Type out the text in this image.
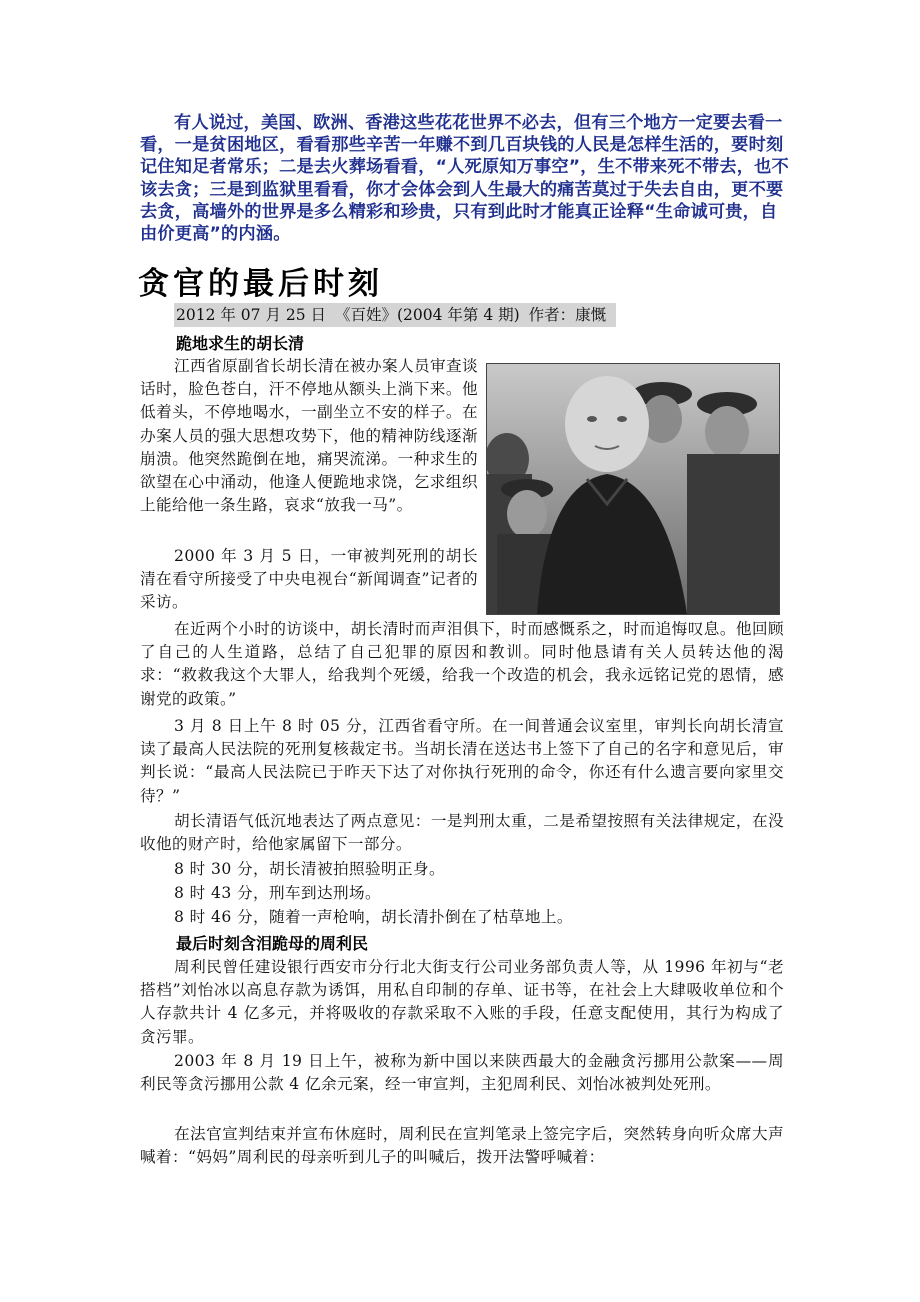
有人说过，美国、欧洲、香港这些花花世界不必去，但有三个地方一定要去看一看，一是贫困地区，看看那些辛苦一年赚不到几百块钱的人民是怎样生活的，要时刻记住知足者常乐；二是去火葬场看看，“人死原知万事空”，生不带来死不带去，也不该去贪；三是到监狱里看看，你才会体会到人生最大的痛苦莫过于失去自由，更不要去贪，高墙外的世界是多么精彩和珍贵，只有到此时才能真正诠释“生命诚可贵，自由价更高”的内涵。

贪官的最后时刻
2012 年 07 月 25 日 《百姓》(2004 年第 4 期) 作者：康慨
跪地求生的胡长清

江西省原副省长胡长清在被办案人员审查谈话时，脸色苍白，汗不停地从额头上淌下来。他低着头，不停地喝水，一副坐立不安的样子。在办案人员的强大思想攻势下，他的精神防线逐渐崩溃。他突然跪倒在地，痛哭流涕。一种求生的欲望在心中涌动，他逢人便跪地求饶，乞求组织上能给他一条生路，哀求“放我一马”。

2000 年 3 月 5 日，一审被判死刑的胡长清在看守所接受了中央电视台“新闻调查”记者的采访。

在近两个小时的访谈中，胡长清时而声泪俱下，时而感慨系之，时而追悔叹息。他回顾了自己的人生道路，总结了自己犯罪的原因和教训。同时他恳请有关人员转达他的渴求：“救救我这个大罪人，给我判个死缓，给我一个改造的机会，我永远铭记党的恩情，感谢党的政策。”

3 月 8 日上午 8 时 05 分，江西省看守所。在一间普通会议室里，审判长向胡长清宣读了最高人民法院的死刑复核裁定书。当胡长清在送达书上签下了自己的名字和意见后，审判长说：“最高人民法院已于昨天下达了对你执行死刑的命令，你还有什么遗言要向家里交待？”

胡长清语气低沉地表达了两点意见：一是判刑太重，二是希望按照有关法律规定，在没收他的财产时，给他家属留下一部分。

8 时 30 分，胡长清被拍照验明正身。

8 时 43 分，刑车到达刑场。

8 时 46 分，随着一声枪响，胡长清扑倒在了枯草地上。

最后时刻含泪跪母的周利民

周利民曾任建设银行西安市分行北大街支行公司业务部负责人等，从 1996 年初与“老搭档”刘怡冰以高息存款为诱饵，用私自印制的存单、证书等，在社会上大肆吸收单位和个人存款共计 4 亿多元，并将吸收的存款采取不入账的手段，任意支配使用，其行为构成了贪污罪。

2003 年 8 月 19 日上午，被称为新中国以来陕西最大的金融贪污挪用公款案——周利民等贪污挪用公款 4 亿余元案，经一审宣判，主犯周利民、刘怡冰被判处死刑。

在法官宣判结束并宣布休庭时，周利民在宣判笔录上签完字后，突然转身向听众席大声喊着：“妈妈”周利民的母亲听到儿子的叫喊后，拨开法警呼喊着：
